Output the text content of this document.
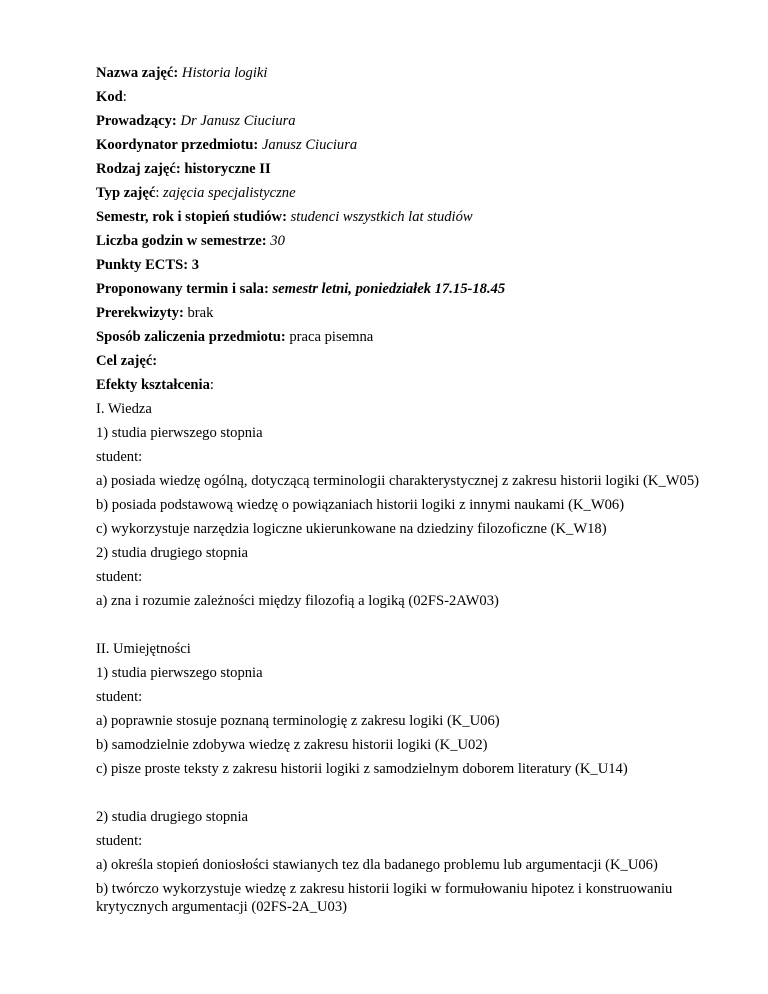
Nazwa zajęć: Historia logiki
Kod:
Prowadzący: Dr Janusz Ciuciura
Koordynator przedmiotu: Janusz Ciuciura
Rodzaj zajęć: historyczne II
Typ zajęć: zajęcia specjalistyczne
Semestr, rok i stopień studiów: studenci wszystkich lat studiów
Liczba godzin w semestrze: 30
Punkty ECTS: 3
Proponowany termin i sala: semestr letni, poniedziałek 17.15-18.45
Prerekwizyty: brak
Sposób zaliczenia przedmiotu: praca pisemna
Cel zajęć:
Efekty kształcenia:
I. Wiedza
1) studia pierwszego stopnia
student:
a) posiada wiedzę ogólną, dotyczącą terminologii charakterystycznej z zakresu historii logiki (K_W05)
b) posiada podstawową wiedzę o powiązaniach historii logiki z innymi naukami (K_W06)
c) wykorzystuje narzędzia logiczne ukierunkowane na dziedziny filozoficzne (K_W18)
2) studia drugiego stopnia
student:
a) zna i rozumie zależności między filozofią a logiką (02FS-2AW03)
II. Umiejętności
1) studia pierwszego stopnia
student:
a) poprawnie stosuje poznaną terminologię z zakresu logiki (K_U06)
b) samodzielnie zdobywa wiedzę z zakresu historii logiki (K_U02)
c) pisze proste teksty z zakresu historii logiki z samodzielnym doborem literatury (K_U14)
2) studia drugiego stopnia
student:
a) określa stopień doniosłości stawianych tez dla badanego problemu lub argumentacji (K_U06)
b) twórczo wykorzystuje wiedzę z zakresu historii logiki w formułowaniu hipotez i konstruowaniu krytycznych argumentacji (02FS-2A_U03)
